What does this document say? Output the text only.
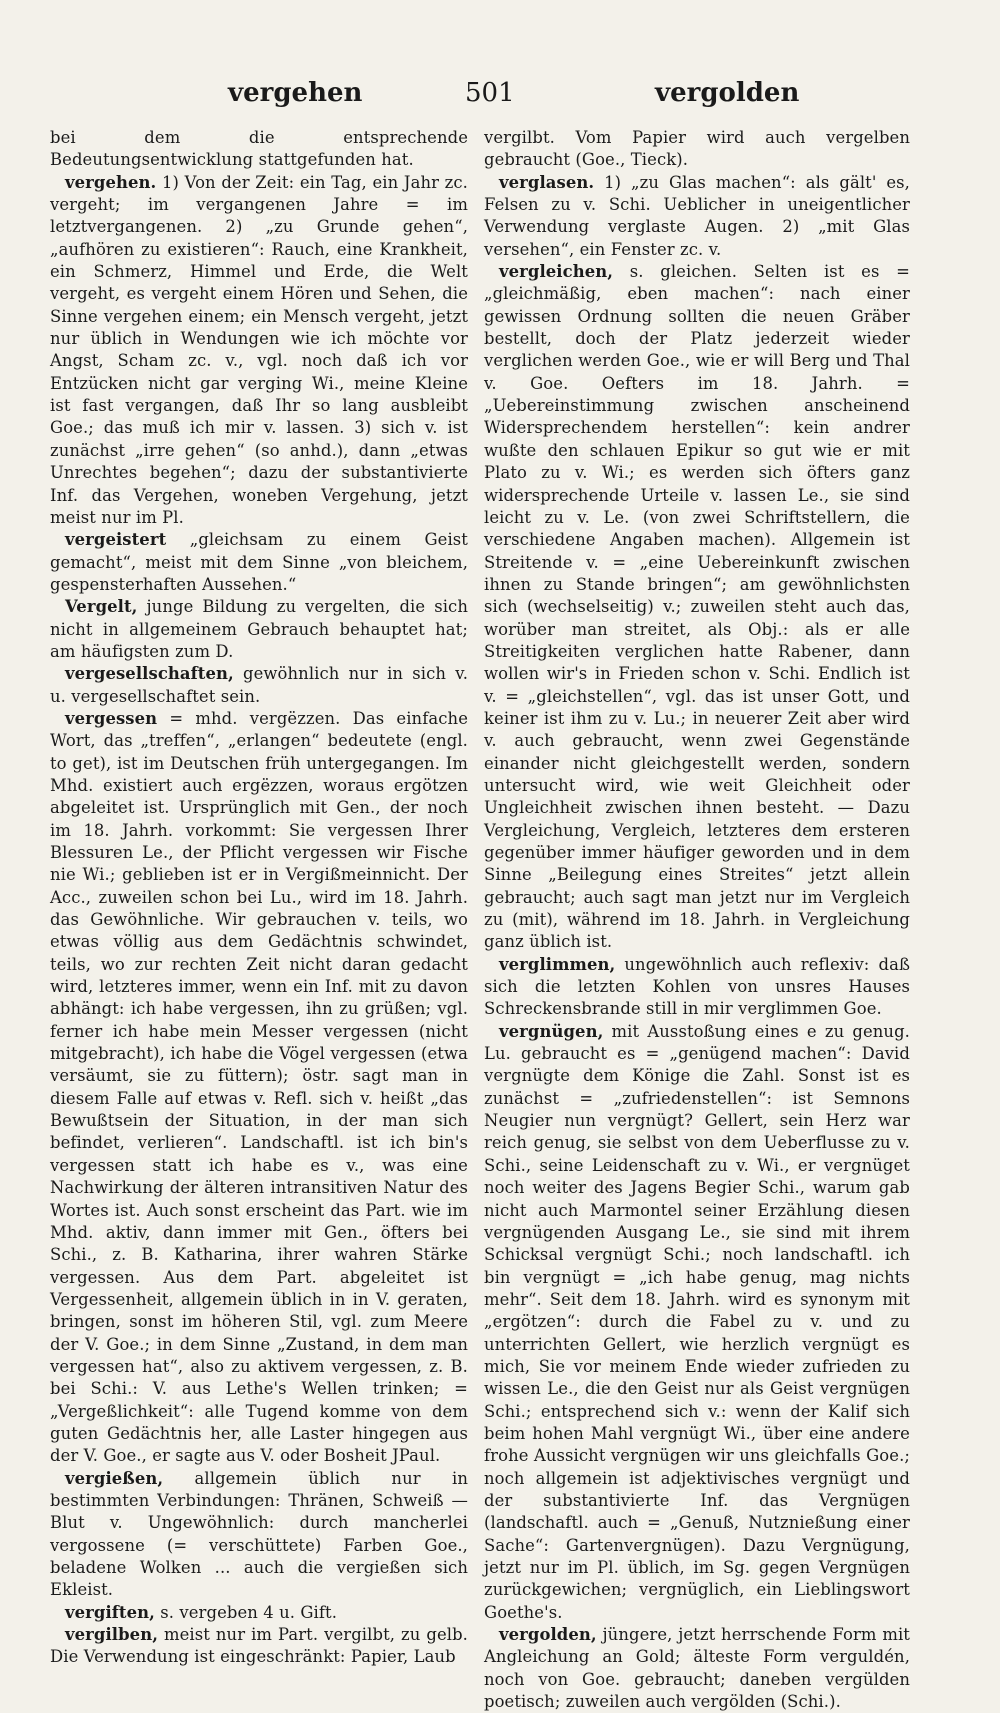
vergehen	501	vergolden

bei dem die entsprechende Bedeutungsentwicklung stattgefunden hat.

vergehen. 1) Von der Zeit: ein Tag, ein Jahr zc. vergeht; im vergangenen Jahre = im letztvergangenen. 2) „zu Grunde gehen“, „aufhören zu existieren“: Rauch, eine Krankheit, ein Schmerz, Himmel und Erde, die Welt vergeht, es vergeht einem Hören und Sehen, die Sinne vergehen einem; ein Mensch vergeht, jetzt nur üblich in Wendungen wie ich möchte vor Angst, Scham zc. v., vgl. noch daß ich vor Entzücken nicht gar verging Wi., meine Kleine ist fast vergangen, daß Ihr so lang ausbleibt Goe.; das muß ich mir v. lassen. 3) sich v. ist zunächst „irre gehen“ (so anhd.), dann „etwas Unrechtes begehen“; dazu der substantivierte Inf. das Vergehen, woneben Vergehung, jetzt meist nur im Pl.

vergeistert „gleichsam zu einem Geist gemacht“, meist mit dem Sinne „von bleichem, gespensterhaften Aussehen.“

Vergelt, junge Bildung zu vergelten, die sich nicht in allgemeinem Gebrauch behauptet hat; am häufigsten zum D.

vergesellschaften, gewöhnlich nur in sich v. u. vergesellschaftet sein.

vergessen = mhd. vergëzzen. Das einfache Wort, das „treffen“, „erlangen“ bedeutete (engl. to get), ist im Deutschen früh untergegangen. Im Mhd. existiert auch ergëzzen, woraus ergötzen abgeleitet ist. Ursprünglich mit Gen., der noch im 18. Jahrh. vorkommt: Sie vergessen Ihrer Blessuren Le., der Pflicht vergessen wir Fische nie Wi.; geblieben ist er in Vergißmeinnicht. Der Acc., zuweilen schon bei Lu., wird im 18. Jahrh. das Gewöhnliche. Wir gebrauchen v. teils, wo etwas völlig aus dem Gedächtnis schwindet, teils, wo zur rechten Zeit nicht daran gedacht wird, letzteres immer, wenn ein Inf. mit zu davon abhängt: ich habe vergessen, ihn zu grüßen; vgl. ferner ich habe mein Messer vergessen (nicht mitgebracht), ich habe die Vögel vergessen (etwa versäumt, sie zu füttern); östr. sagt man in diesem Falle auf etwas v. Refl. sich v. heißt „das Bewußtsein der Situation, in der man sich befindet, verlieren“. Landschaftl. ist ich bin's vergessen statt ich habe es v., was eine Nachwirkung der älteren intransitiven Natur des Wortes ist. Auch sonst erscheint das Part. wie im Mhd. aktiv, dann immer mit Gen., öfters bei Schi., z. B. Katharina, ihrer wahren Stärke vergessen. Aus dem Part. abgeleitet ist Vergessenheit, allgemein üblich in in V. geraten, bringen, sonst im höheren Stil, vgl. zum Meere der V. Goe.; in dem Sinne „Zustand, in dem man vergessen hat“, also zu aktivem vergessen, z. B. bei Schi.: V. aus Lethe's Wellen trinken; = „Vergeßlichkeit“: alle Tugend komme von dem guten Gedächtnis her, alle Laster hingegen aus der V. Goe., er sagte aus V. oder Bosheit JPaul.

vergießen, allgemein üblich nur in bestimmten Verbindungen: Thränen, Schweiß — Blut v. Ungewöhnlich: durch mancherlei vergossene (= verschüttete) Farben Goe., beladene Wolken ... auch die vergießen sich Ekleist.

vergiften, s. vergeben 4 u. Gift.

vergilben, meist nur im Part. vergilbt, zu gelb. Die Verwendung ist eingeschränkt: Papier, Laub

vergilbt. Vom Papier wird auch vergelben gebraucht (Goe., Tieck).

verglasen. 1) „zu Glas machen“: als gält' es, Felsen zu v. Schi. Ueblicher in uneigentlicher Verwendung verglaste Augen. 2) „mit Glas versehen“, ein Fenster zc. v.

vergleichen, s. gleichen. Selten ist es = „gleichmäßig, eben machen“: nach einer gewissen Ordnung sollten die neuen Gräber bestellt, doch der Platz jederzeit wieder verglichen werden Goe., wie er will Berg und Thal v. Goe. Oefters im 18. Jahrh. = „Uebereinstimmung zwischen anscheinend Widersprechendem herstellen“: kein andrer wußte den schlauen Epikur so gut wie er mit Plato zu v. Wi.; es werden sich öfters ganz widersprechende Urteile v. lassen Le., sie sind leicht zu v. Le. (von zwei Schriftstellern, die verschiedene Angaben machen). Allgemein ist Streitende v. = „eine Uebereinkunft zwischen ihnen zu Stande bringen“; am gewöhnlichsten sich (wechselseitig) v.; zuweilen steht auch das, worüber man streitet, als Obj.: als er alle Streitigkeiten verglichen hatte Rabener, dann wollen wir's in Frieden schon v. Schi. Endlich ist v. = „gleichstellen“, vgl. das ist unser Gott, und keiner ist ihm zu v. Lu.; in neuerer Zeit aber wird v. auch gebraucht, wenn zwei Gegenstände einander nicht gleichgestellt werden, sondern untersucht wird, wie weit Gleichheit oder Ungleichheit zwischen ihnen besteht. — Dazu Vergleichung, Vergleich, letzteres dem ersteren gegenüber immer häufiger geworden und in dem Sinne „Beilegung eines Streites“ jetzt allein gebraucht; auch sagt man jetzt nur im Vergleich zu (mit), während im 18. Jahrh. in Vergleichung ganz üblich ist.

verglimmen, ungewöhnlich auch reflexiv: daß sich die letzten Kohlen von unsres Hauses Schreckensbrande still in mir verglimmen Goe.

vergnügen, mit Ausstoßung eines e zu genug. Lu. gebraucht es = „genügend machen“: David vergnügte dem Könige die Zahl. Sonst ist es zunächst = „zufriedenstellen“: ist Semnons Neugier nun vergnügt? Gellert, sein Herz war reich genug, sie selbst von dem Ueberflusse zu v. Schi., seine Leidenschaft zu v. Wi., er vergnüget noch weiter des Jagens Begier Schi., warum gab nicht auch Marmontel seiner Erzählung diesen vergnügenden Ausgang Le., sie sind mit ihrem Schicksal vergnügt Schi.; noch landschaftl. ich bin vergnügt = „ich habe genug, mag nichts mehr“. Seit dem 18. Jahrh. wird es synonym mit „ergötzen“: durch die Fabel zu v. und zu unterrichten Gellert, wie herzlich vergnügt es mich, Sie vor meinem Ende wieder zufrieden zu wissen Le., die den Geist nur als Geist vergnügen Schi.; entsprechend sich v.: wenn der Kalif sich beim hohen Mahl vergnügt Wi., über eine andere frohe Aussicht vergnügen wir uns gleichfalls Goe.; noch allgemein ist adjektivisches vergnügt und der substantivierte Inf. das Vergnügen (landschaftl. auch = „Genuß, Nutznießung einer Sache“: Gartenvergnügen). Dazu Vergnügung, jetzt nur im Pl. üblich, im Sg. gegen Vergnügen zurückgewichen; vergnüglich, ein Lieblingswort Goethe's.

vergolden, jüngere, jetzt herrschende Form mit Angleichung an Gold; älteste Form verguldén, noch von Goe. gebraucht; daneben vergülden poetisch; zuweilen auch vergölden (Schi.).
